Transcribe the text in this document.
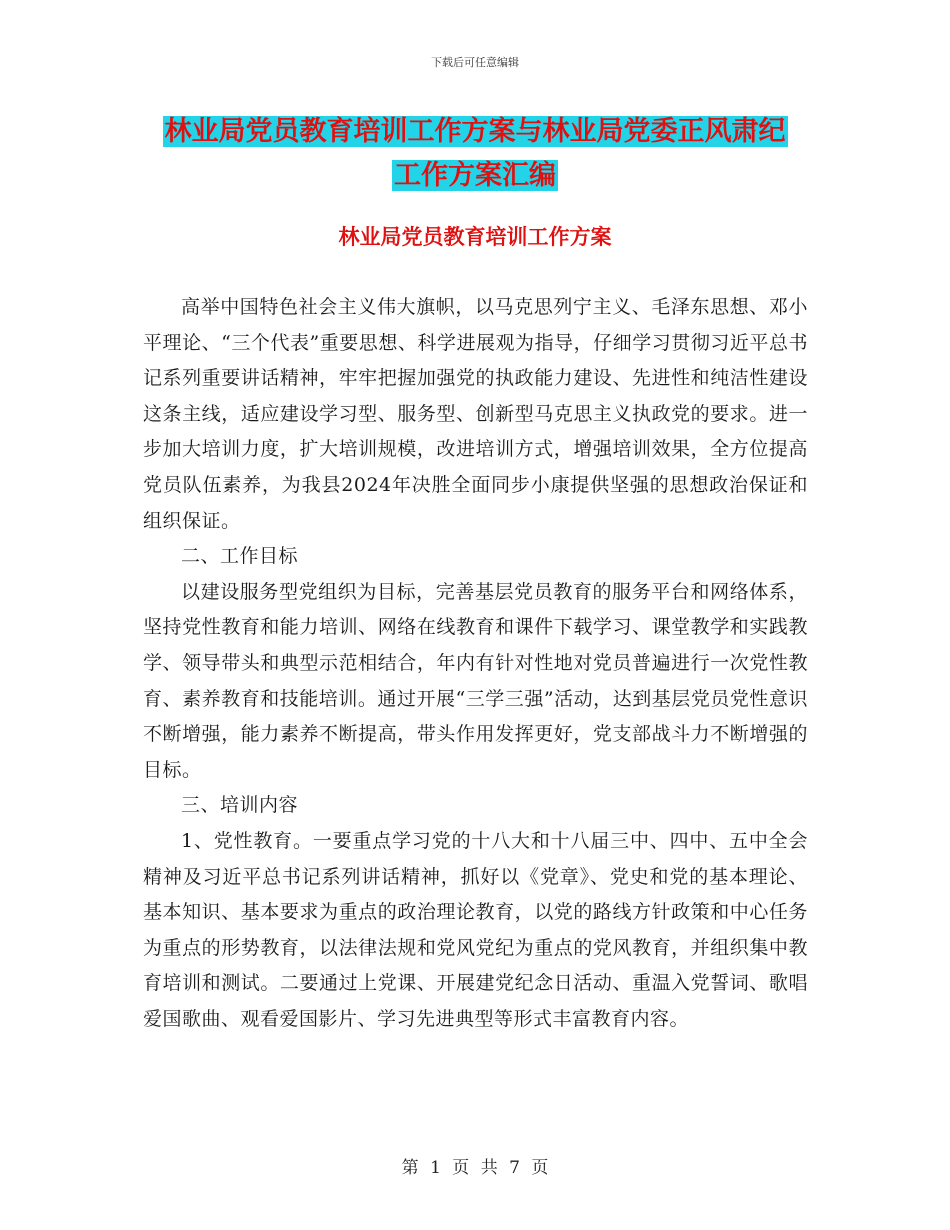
下载后可任意编辑
林业局党员教育培训工作方案与林业局党委正风肃纪
工作方案汇编
林业局党员教育培训工作方案

高举中国特色社会主义伟大旗帜，以马克思列宁主义、毛泽东思想、邓小平理论、“三个代表”重要思想、科学进展观为指导，仔细学习贯彻习近平总书记系列重要讲话精神，牢牢把握加强党的执政能力建设、先进性和纯洁性建设这条主线，适应建设学习型、服务型、创新型马克思主义执政党的要求。进一步加大培训力度，扩大培训规模，改进培训方式，增强培训效果，全方位提高党员队伍素养，为我县2024年决胜全面同步小康提供坚强的思想政治保证和组织保证。

二、工作目标

以建设服务型党组织为目标，完善基层党员教育的服务平台和网络体系，坚持党性教育和能力培训、网络在线教育和课件下载学习、课堂教学和实践教学、领导带头和典型示范相结合，年内有针对性地对党员普遍进行一次党性教育、素养教育和技能培训。通过开展“三学三强”活动，达到基层党员党性意识不断增强，能力素养不断提高，带头作用发挥更好，党支部战斗力不断增强的目标。

三、培训内容

1、党性教育。一要重点学习党的十八大和十八届三中、四中、五中全会精神及习近平总书记系列讲话精神，抓好以《党章》、党史和党的基本理论、基本知识、基本要求为重点的政治理论教育，以党的路线方针政策和中心任务为重点的形势教育，以法律法规和党风党纪为重点的党风教育，并组织集中教育培训和测试。二要通过上党课、开展建党纪念日活动、重温入党誓词、歌唱爱国歌曲、观看爱国影片、学习先进典型等形式丰富教育内容。

第 1 页 共 7 页
